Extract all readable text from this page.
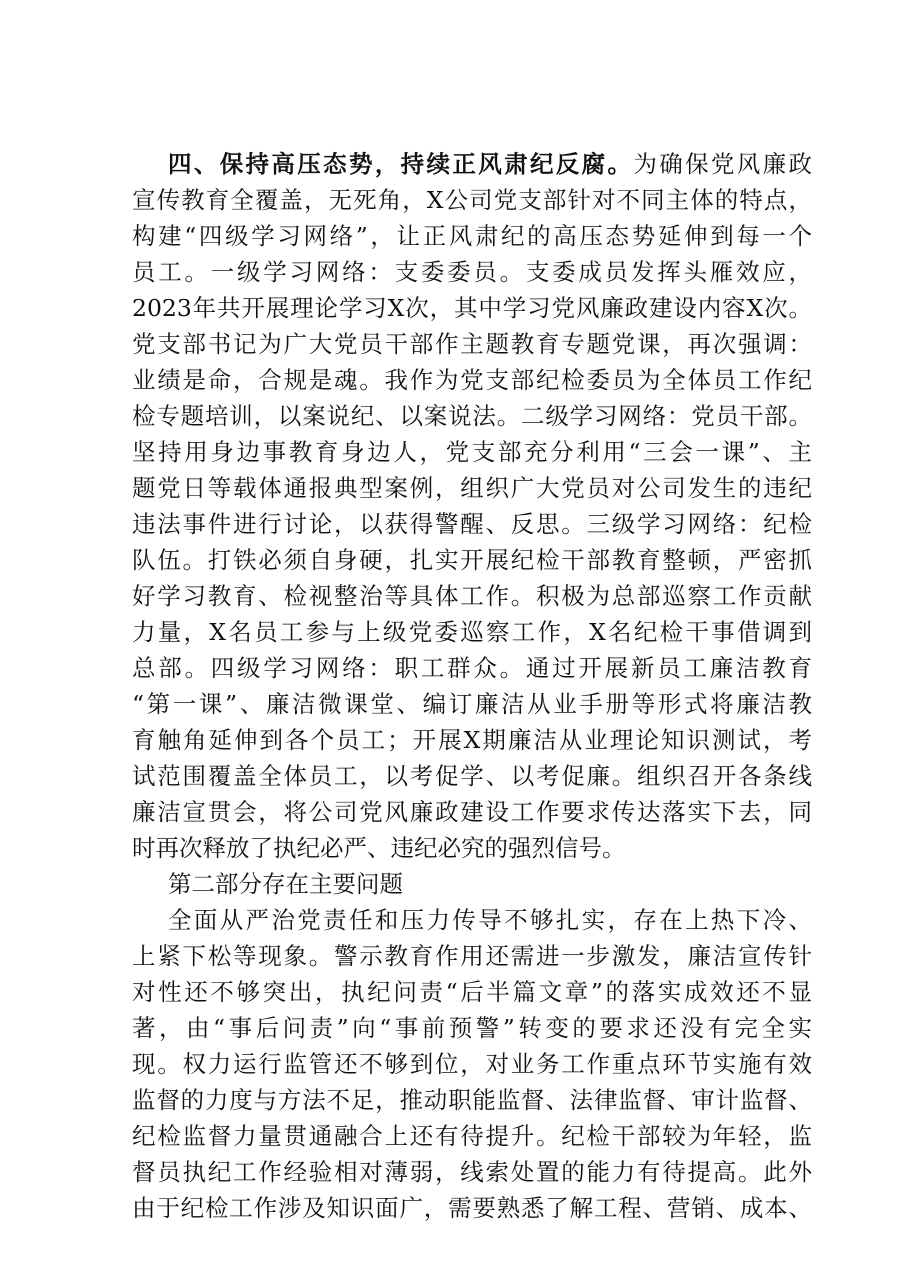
四、保持高压态势，持续正风肃纪反腐。为确保党风廉政
宣传教育全覆盖，无死角，X公司党支部针对不同主体的特点，
构建“四级学习网络”，让正风肃纪的高压态势延伸到每一个
员工。一级学习网络：支委委员。支委成员发挥头雁效应，
2023年共开展理论学习X次，其中学习党风廉政建设内容X次。
党支部书记为广大党员干部作主题教育专题党课，再次强调：
业绩是命，合规是魂。我作为党支部纪检委员为全体员工作纪
检专题培训，以案说纪、以案说法。二级学习网络：党员干部。
坚持用身边事教育身边人，党支部充分利用“三会一课”、主
题党日等载体通报典型案例，组织广大党员对公司发生的违纪
违法事件进行讨论，以获得警醒、反思。三级学习网络：纪检
队伍。打铁必须自身硬，扎实开展纪检干部教育整顿，严密抓
好学习教育、检视整治等具体工作。积极为总部巡察工作贡献
力量，X名员工参与上级党委巡察工作，X名纪检干事借调到
总部。四级学习网络：职工群众。通过开展新员工廉洁教育
“第一课”、廉洁微课堂、编订廉洁从业手册等形式将廉洁教
育触角延伸到各个员工；开展X期廉洁从业理论知识测试，考
试范围覆盖全体员工，以考促学、以考促廉。组织召开各条线
廉洁宣贯会，将公司党风廉政建设工作要求传达落实下去，同
时再次释放了执纪必严、违纪必究的强烈信号。
第二部分存在主要问题
全面从严治党责任和压力传导不够扎实，存在上热下冷、
上紧下松等现象。警示教育作用还需进一步激发，廉洁宣传针
对性还不够突出，执纪问责“后半篇文章”的落实成效还不显
著，由“事后问责”向“事前预警”转变的要求还没有完全实
现。权力运行监管还不够到位，对业务工作重点环节实施有效
监督的力度与方法不足，推动职能监督、法律监督、审计监督、
纪检监督力量贯通融合上还有待提升。纪检干部较为年轻，监
督员执纪工作经验相对薄弱，线索处置的能力有待提高。此外
由于纪检工作涉及知识面广，需要熟悉了解工程、营销、成本、
